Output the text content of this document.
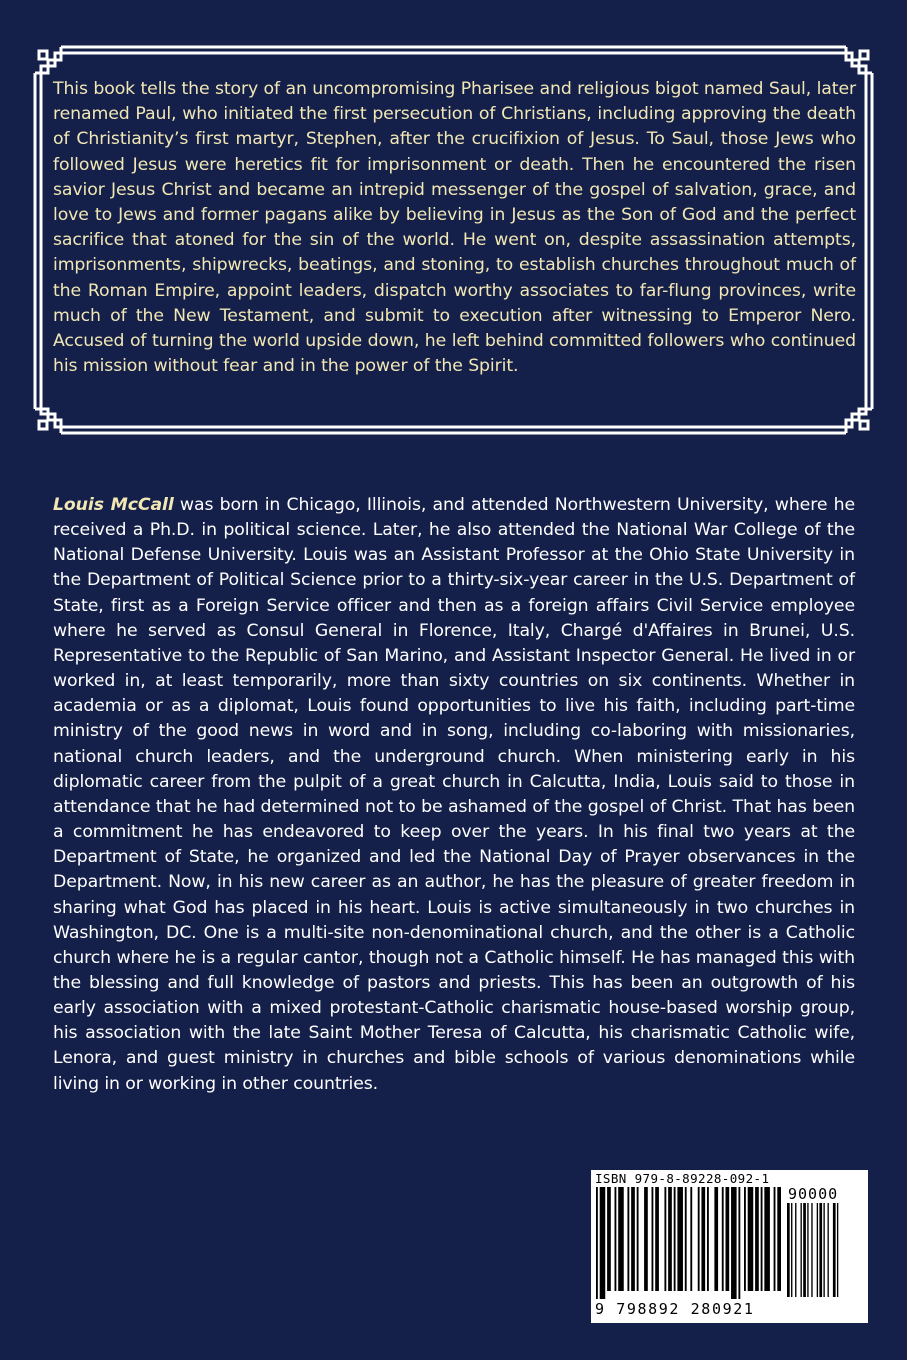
This book tells the story of an uncompromising Pharisee and religious bigot named Saul, later renamed Paul, who initiated the first persecution of Christians, including approving the death of Christianity’s first martyr, Stephen, after the crucifixion of Jesus. To Saul, those Jews who followed Jesus were heretics fit for imprisonment or death. Then he encountered the risen savior Jesus Christ and became an intrepid messenger of the gospel of salvation, grace, and love to Jews and former pagans alike by believing in Jesus as the Son of God and the perfect sacrifice that atoned for the sin of the world. He went on, despite assassination attempts, imprisonments, shipwrecks, beatings, and stoning, to establish churches throughout much of the Roman Empire, appoint leaders, dispatch worthy associates to far-flung provinces, write much of the New Testament, and submit to execution after witnessing to Emperor Nero. Accused of turning the world upside down, he left behind committed followers who continued his mission without fear and in the power of the Spirit.
Louis McCall was born in Chicago, Illinois, and attended Northwestern University, where he received a Ph.D. in political science. Later, he also attended the National War College of the National Defense University. Louis was an Assistant Professor at the Ohio State University in the Department of Political Science prior to a thirty-six-year career in the U.S. Department of State, first as a Foreign Service officer and then as a foreign affairs Civil Service employee where he served as Consul General in Florence, Italy, Chargé d'Affaires in Brunei, U.S. Representative to the Republic of San Marino, and Assistant Inspector General. He lived in or worked in, at least temporarily, more than sixty countries on six continents. Whether in academia or as a diplomat, Louis found opportunities to live his faith, including part-time ministry of the good news in word and in song, including co-laboring with missionaries, national church leaders, and the underground church. When ministering early in his diplomatic career from the pulpit of a great church in Calcutta, India, Louis said to those in attendance that he had determined not to be ashamed of the gospel of Christ. That has been a commitment he has endeavored to keep over the years. In his final two years at the Department of State, he organized and led the National Day of Prayer observances in the Department. Now, in his new career as an author, he has the pleasure of greater freedom in sharing what God has placed in his heart. Louis is active simultaneously in two churches in Washington, DC. One is a multi-site non-denominational church, and the other is a Catholic church where he is a regular cantor, though not a Catholic himself. He has managed this with the blessing and full knowledge of pastors and priests. This has been an outgrowth of his early association with a mixed protestant-Catholic charismatic house-based worship group, his association with the late Saint Mother Teresa of Calcutta, his charismatic Catholic wife, Lenora, and guest ministry in churches and bible schools of various denominations while living in or working in other countries.
ISBN 979-8-89228-092-1
90000
9 798892 280921
